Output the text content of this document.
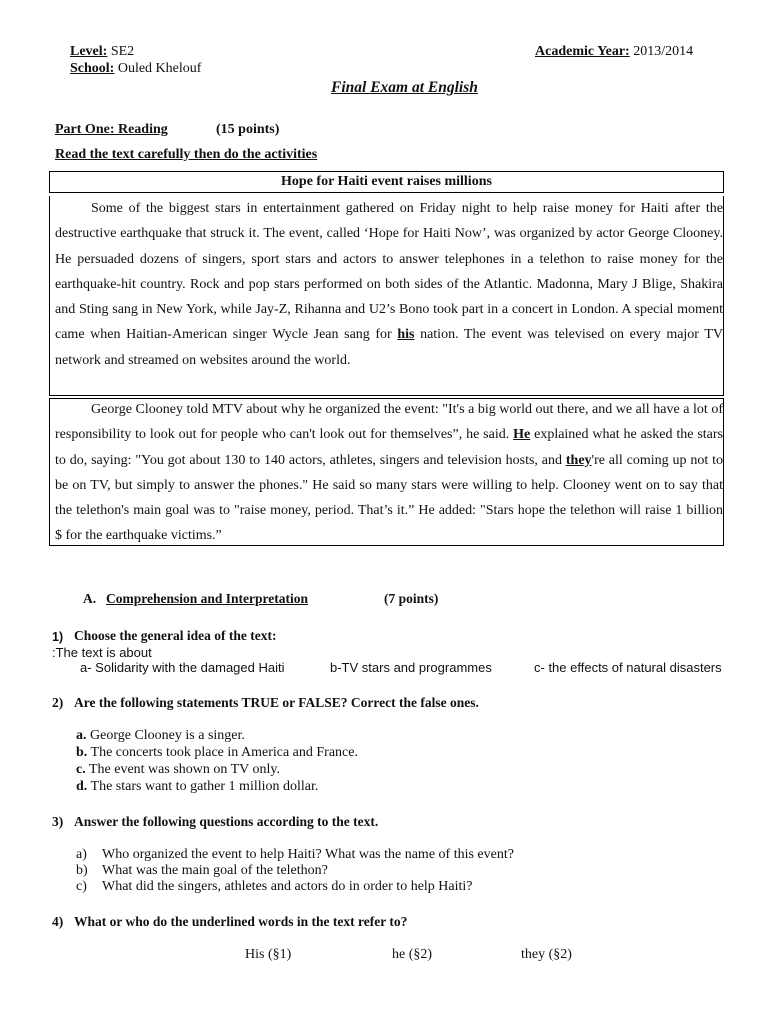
Level: SE2
School: Ouled Khelouf
Academic Year: 2013/2014
Final Exam at English
Part One: Reading	(15 points)
Read the text carefully then do the activities
Hope for Haiti event raises millions
Some of the biggest stars in entertainment gathered on Friday night to help raise money for Haiti after the destructive earthquake that struck it. The event, called ‘Hope for Haiti Now’, was organized by actor George Clooney. He persuaded dozens of singers, sport stars and actors to answer telephones in a telethon to raise money for the earthquake-hit country. Rock and pop stars performed on both sides of the Atlantic. Madonna, Mary J Blige, Shakira and Sting sang in New York, while Jay-Z, Rihanna and U2’s Bono took part in a concert in London. A special moment came when Haitian-American singer Wycle Jean sang for his nation. The event was televised on every major TV network and streamed on websites around the world.
George Clooney told MTV about why he organized the event: "It's a big world out there, and we all have a lot of responsibility to look out for people who can't look out for themselves”, he said. He explained what he asked the stars to do, saying: "You got about 130 to 140 actors, athletes, singers and television hosts, and they're all coming up not to be on TV, but simply to answer the phones." He said so many stars were willing to help. Clooney went on to say that the telethon's main goal was to "raise money, period. That’s it.” He added: "Stars hope the telethon will raise 1 billion $ for the earthquake victims.”
A. Comprehension and Interpretation	(7 points)
1) Choose the general idea of the text:
:The text is about
a- Solidarity with the damaged Haiti	b-TV stars and programmes	c- the effects of natural disasters
2) Are the following statements TRUE or FALSE? Correct the false ones.
a. George Clooney is a singer.
b. The concerts took place in America and France.
c. The event was shown on TV only.
d. The stars want to gather 1 million dollar.
3) Answer the following questions according to the text.
a) Who organized the event to help Haiti? What was the name of this event?
b) What was the main goal of the telethon?
c) What did the singers, athletes and actors do in order to help Haiti?
4) What or who do the underlined words in the text refer to?
His (§1)	he (§2)	they (§2)
